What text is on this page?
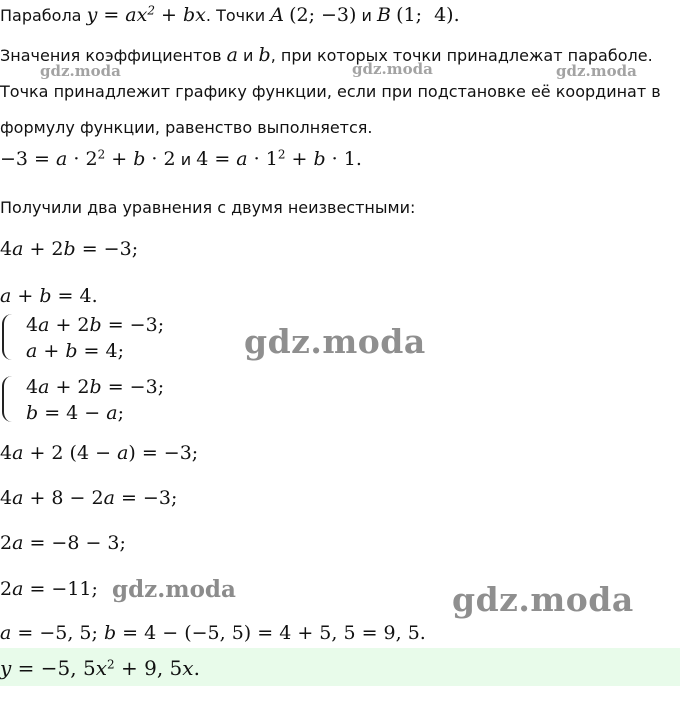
Парабола $y = ax^2$ + bx. Точки A (2; −3) и B (1;  4).
Значения коэффициентов a и b, при которых точки принадлежат параболе.
Точка принадлежит графику функции, если при подстановке её координат в
формулу функции, равенство выполняется.
$-3 = a \cdot 2^2 + b \cdot 2$ и $4 = a \cdot 1^2 + b \cdot 1$.
Получили два уравнения с двумя неизвестными:
4a + 2b = −3;
a + b = 4.
4a + 2b = −3;
a + b = 4;
4a + 2b = −3;
b = 4 − a;
4a + 2 (4 − a) = −3;
4a + 8 − 2a = −3;
2a = −8 − 3;
2a = −11;
a = −5, 5; b = 4 − (−5, 5) = 4 + 5, 5 = 9, 5.
y = −5, $5x^2 + 9$, 5x.
gdz.moda	gdz.moda	gdz.moda
gdz.moda
gdz.moda	gdz.moda
